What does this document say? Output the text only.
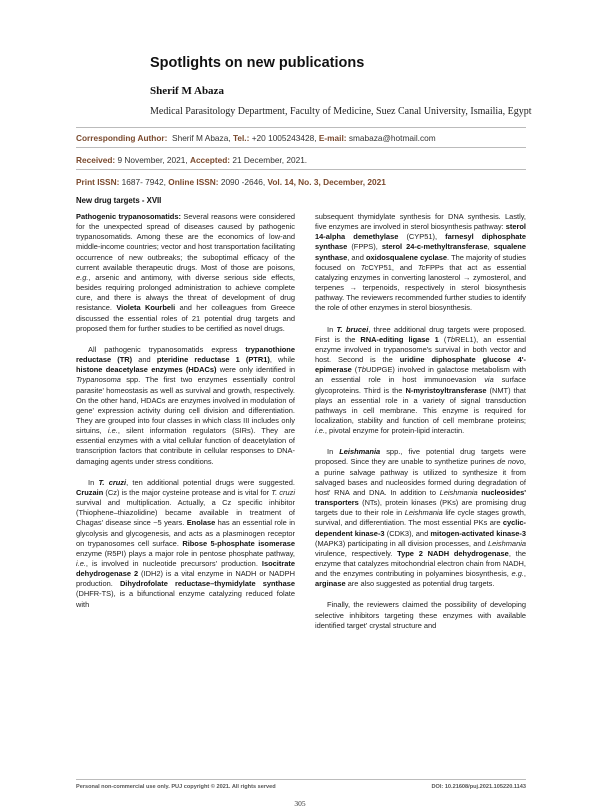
Spotlights on new publications
Sherif M Abaza
Medical Parasitology Department, Faculty of Medicine, Suez Canal University, Ismailia, Egypt
Corresponding Author: Sherif M Abaza, Tel.: +20 1005243428, E-mail: smabaza@hotmail.com
Received: 9 November, 2021, Accepted: 21 December, 2021.
Print ISSN: 1687- 7942, Online ISSN: 2090 -2646, Vol. 14, No. 3, December, 2021
New drug targets - XVII

Pathogenic trypanosomatids: Several reasons were considered for the unexpected spread of diseases caused by pathogenic trypanosomatids. Among these are the economics of low-and middle-income countries; vector and host transportation facilitating occurrence of new outbreaks; the suboptimal efficacy of the current available therapeutic drugs. Most of those are poisons, e.g., arsenic and antimony, with diverse serious side effects, besides requiring prolonged administration to achieve complete cure, and there is always the threat of development of drug resistance. Violeta Kourbeli and her colleagues from Greece discussed the essential roles of 21 potential drug targets and proposed them for further studies to be certified as novel drugs.

All pathogenic trypanosomatids express trypanothione reductase (TR) and pteridine reductase 1 (PTR1), while histone deacetylase enzymes (HDACs) were only identified in Trypanosoma spp. The first two enzymes essentially control parasite' homeostasis as well as survival and growth, respectively. On the other hand, HDACs are enzymes involved in modulation of gene' expression activity during cell division and differentiation. They are grouped into four classes in which class III includes only sirtuins, i.e., silent information regulators (SIRs). They are essential enzymes with a vital cellular function of deacetylation of transcription factors that contribute in cellular responses to DNA-damaging agents under stress conditions.

In T. cruzi, ten additional potential drugs were suggested. Cruzain (Cz) is the major cysteine protease and is vital for T. cruzi survival and multiplication. Actually, a Cz specific inhibitor (Thiophene–thiazolidine) became available in treatment of Chagas' disease since ~5 years. Enolase has an essential role in glycolysis and glycogenesis, and acts as a plasminogen receptor on trypanosomes cell surface. Ribose 5-phosphate isomerase enzyme (R5PI) plays a major role in pentose phosphate pathway, i.e., is involved in nucleotide precursors' production. Isocitrate dehydrogenase 2 (IDH2) is a vital enzyme in NADH or NADPH production. Dihydrofolate reductase–thymidylate synthase (DHFR-TS), is a bifunctional enzyme catalyzing reduced folate with

subsequent thymidylate synthesis for DNA synthesis. Lastly, five enzymes are involved in sterol biosynthesis pathway: sterol 14-alpha demethylase (CYP51), farnesyl diphosphate synthase (FPPS), sterol 24-c-methyltransferase, squalene synthase, and oxidosqualene cyclase. The majority of studies focused on TcCYP51, and TcFPPs that act as essential catalyzing enzymes in converting lanosterol → zymosterol, and terpenes → terpenoids, respectively in sterol biosynthesis pathway. The reviewers recommended further studies to identify the role of other enzymes in sterol biosynthesis.

In T. brucei, three additional drug targets were proposed. First is the RNA-editing ligase 1 (TbREL1), an essential enzyme involved in trypanosome's survival in both vector and host. Second is the uridine diphosphate glucose 4'-epimerase (TbUDPGE) involved in galactose metabolism with an essential role in host immunoevasion via surface glycoproteins. Third is the N-myristoyltransferase (NMT) that plays an essential role in a variety of signal transduction pathways in cell membrane. This enzyme is required for localization, stability and function of cell membrane proteins; i.e., pivotal enzyme for protein-lipid interactin.

In Leishmania spp., five potential drug targets were proposed. Since they are unable to synthetize purines de novo, a purine salvage pathway is utilized to synthesize it from salvaged bases and nucleosides formed during degradation of host' RNA and DNA. In addition to Leishmania nucleosides' transporters (NTs), protein kinases (PKs) are promising drug targets due to their role in Leishmania life cycle stages growth, survival, and differentiation. The most essential PKs are cyclic-dependent kinase-3 (CDK3), and mitogen-activated kinase-3 (MAPK3) participating in all division processes, and Leishmania virulence, respectively. Type 2 NADH dehydrogenase, the enzyme that catalyzes mitochondrial electron chain from NADH, and the enzymes contributing in polyamines biosynthesis, e.g., arginase are also suggested as potential drug targets.

Finally, the reviewers claimed the possibility of developing selective inhibitors targeting these enzymes with available identified target' crystal structure and

Personal non-commercial use only. PUJ copyright © 2021. All rights served	DOI: 10.21608/puj.2021.105220.1143
305
